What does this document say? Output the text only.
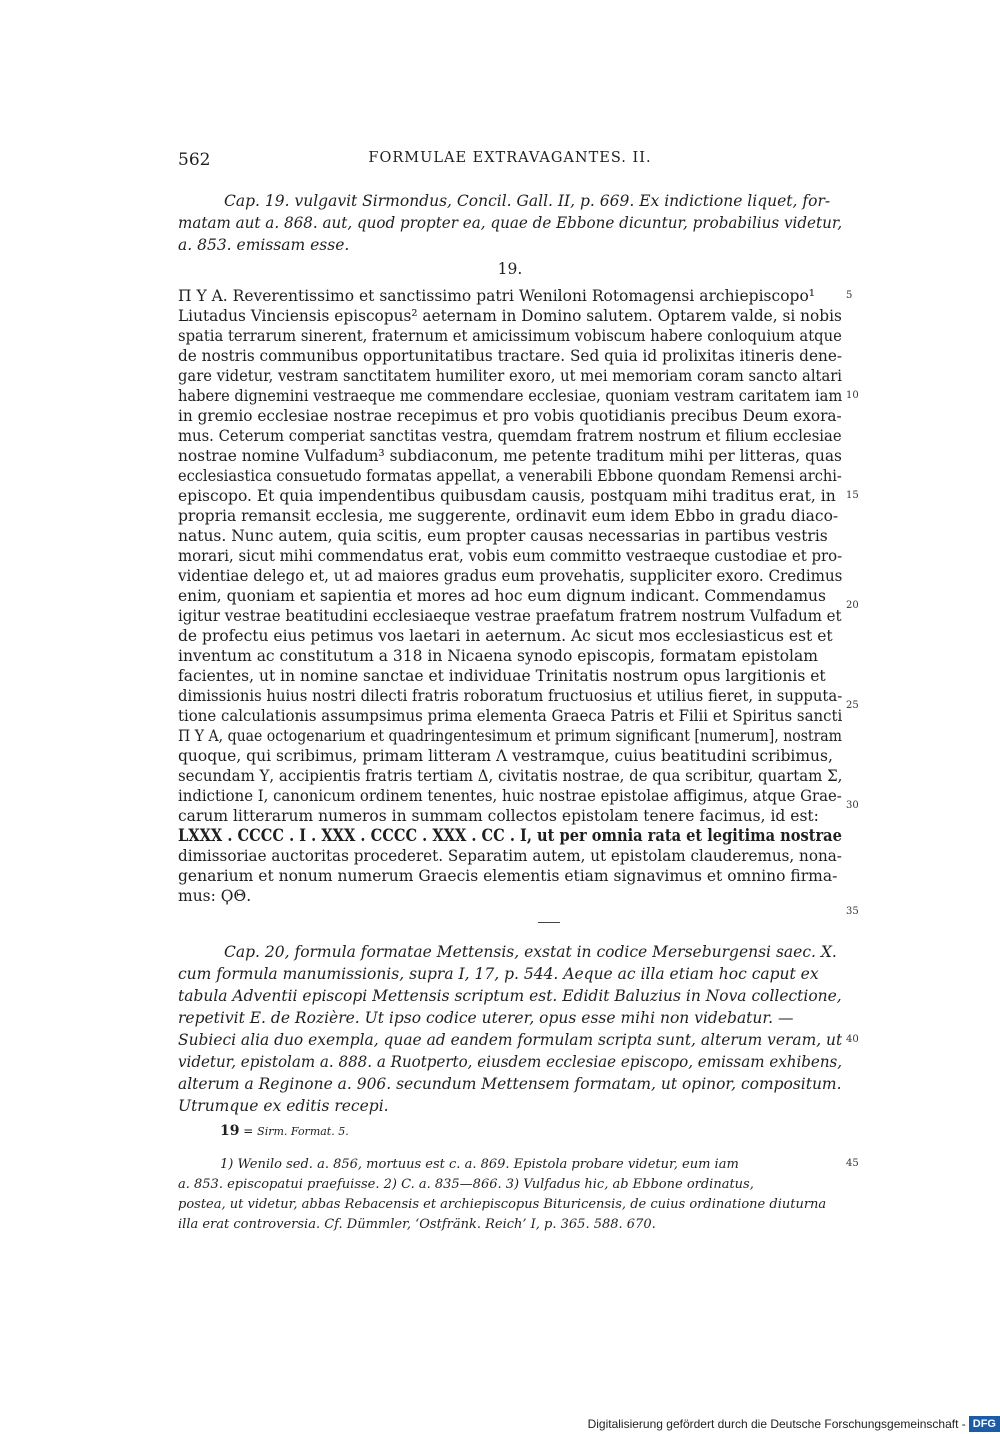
562	FORMULAE EXTRAVAGANTES. II.
Cap. 19. vulgavit Sirmondus, Concil. Gall. II, p. 669. Ex indictione liquet, for-
matam aut a. 868. aut, quod propter ea, quae de Ebbone dicuntur, probabilius videtur,
a. 853. emissam esse.
19.
Π Υ Α. Reverentissimo et sanctissimo patri Weniloni Rotomagensi archiepiscopo¹
Liutadus Vinciensis episcopus² aeternam in Domino salutem. Optarem valde, si nobis
spatia terrarum sinerent, fraternum et amicissimum vobiscum habere conloquium atque
de nostris communibus opportunitatibus tractare. Sed quia id prolixitas itineris dene-
gare videtur, vestram sanctitatem humiliter exoro, ut mei memoriam coram sancto altari
habere dignemini vestraeque me commendare ecclesiae, quoniam vestram caritatem iam
in gremio ecclesiae nostrae recepimus et pro vobis quotidianis precibus Deum exora-
mus. Ceterum comperiat sanctitas vestra, quemdam fratrem nostrum et filium ecclesiae
nostrae nomine Vulfadum³ subdiaconum, me petente traditum mihi per litteras, quas
ecclesiastica consuetudo formatas appellat, a venerabili Ebbone quondam Remensi archi-
episcopo. Et quia impendentibus quibusdam causis, postquam mihi traditus erat, in
propria remansit ecclesia, me suggerente, ordinavit eum idem Ebbo in gradu diaco-
natus. Nunc autem, quia scitis, eum propter causas necessarias in partibus vestris
morari, sicut mihi commendatus erat, vobis eum committo vestraeque custodiae et pro-
videntiae delego et, ut ad maiores gradus eum provehatis, suppliciter exoro. Credimus
enim, quoniam et sapientia et mores ad hoc eum dignum indicant. Commendamus
igitur vestrae beatitudini ecclesiaeque vestrae praefatum fratrem nostrum Vulfadum et
de profectu eius petimus vos laetari in aeternum. Ac sicut mos ecclesiasticus est et
inventum ac constitutum a 318 in Nicaena synodo episcopis, formatam epistolam
facientes, ut in nomine sanctae et individuae Trinitatis nostrum opus largitionis et
dimissionis huius nostri dilecti fratris roboratum fructuosius et utilius fieret, in supputa-
tione calculationis assumpsimus prima elementa Graeca Patris et Filii et Spiritus sancti
Π Υ Α, quae octogenarium et quadringentesimum et primum significant [numerum], nostram
quoque, qui scribimus, primam litteram Λ vestramque, cuius beatitudini scribimus,
secundam Υ, accipientis fratris tertiam Δ, civitatis nostrae, de qua scribitur, quartam Σ,
indictione I, canonicum ordinem tenentes, huic nostrae epistolae affigimus, atque Grae-
carum litterarum numeros in summam collectos epistolam tenere facimus, id est:
LXXX . CCCC . I . XXX . CCCC . XXX . CC . I, ut per omnia rata et legitima nostrae
dimissoriae auctoritas procederet. Separatim autem, ut epistolam clauderemus, nona-
genarium et nonum numerum Graecis elementis etiam signavimus et omnino firma-
mus: ϘΘ.
Cap. 20, formula formatae Mettensis, exstat in codice Merseburgensi saec. X.
cum formula manumissionis, supra I, 17, p. 544. Aeque ac illa etiam hoc caput ex
tabula Adventii episcopi Mettensis scriptum est. Edidit Baluzius in Nova collectione,
repetivit E. de Rozière. Ut ipso codice uterer, opus esse mihi non videbatur. —
Subieci alia duo exempla, quae ad eandem formulam scripta sunt, alterum veram, ut
videtur, epistolam a. 888. a Ruotperto, eiusdem ecclesiae episcopo, emissam exhibens,
alterum a Reginone a. 906. secundum Mettensem formatam, ut opinor, compositum.
Utrumque ex editis recepi.
19 = Sirm. Format. 5.
1) Wenilo sed. a. 856, mortuus est c. a. 869. Epistola probare videtur, eum iam
a. 853. episcopatui praefuisse. 2) C. a. 835—866. 3) Vulfadus hic, ab Ebbone ordinatus,
postea, ut videtur, abbas Rebacensis et archiepiscopus Bituricensis, de cuius ordinatione diuturna
illa erat controversia. Cf. Dümmler, ‘Ostfränk. Reich’ I, p. 365. 588. 670.
5
10
15
20
25
30
35
40
45
Digitalisierung gefördert durch die Deutsche Forschungsgemeinschaft - DFG
